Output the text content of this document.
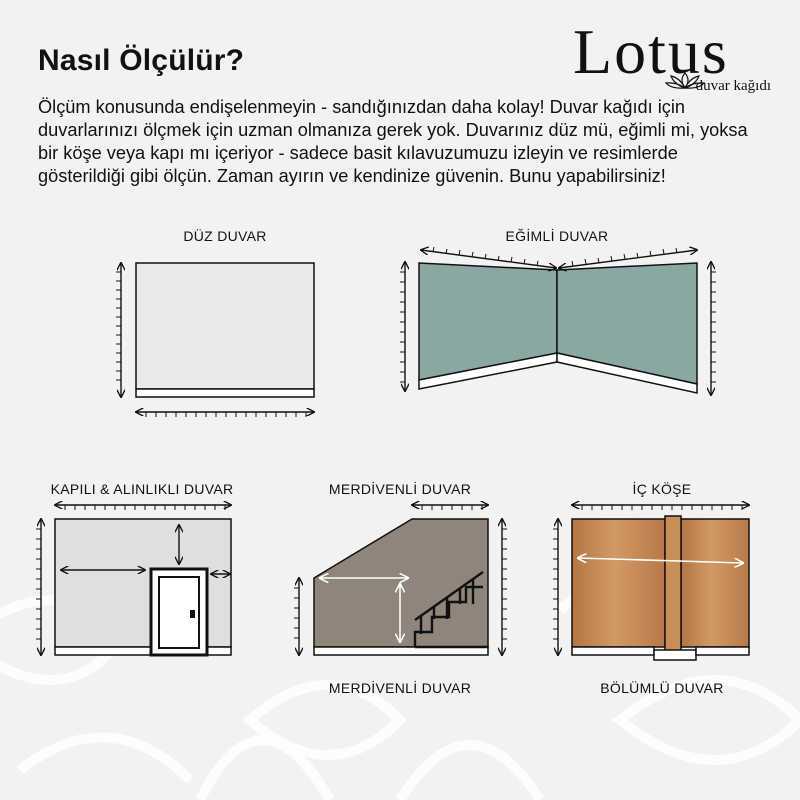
Nasıl Ölçülür?	Lotus
duvar kağıdı
Ölçüm konusunda endişelenmeyin - sandığınızdan daha kolay! Duvar kağıdı için duvarlarınızı ölçmek için uzman olmanıza gerek yok. Duvarınız düz mü, eğimli mi, yoksa bir köşe veya kapı mı içeriyor - sadece basit kılavuzumuzu izleyin ve resimlerde gösterildiği gibi ölçün. Zaman ayırın ve kendinize güvenin. Bunu yapabilirsiniz!
DÜZ DUVAR	EĞİMLİ DUVAR
KAPILI & ALINLIKLI DUVAR	MERDİVENLİ DUVAR	İÇ KÖŞE
MERDİVENLİ DUVAR	BÖLÜMLÜ DUVAR
